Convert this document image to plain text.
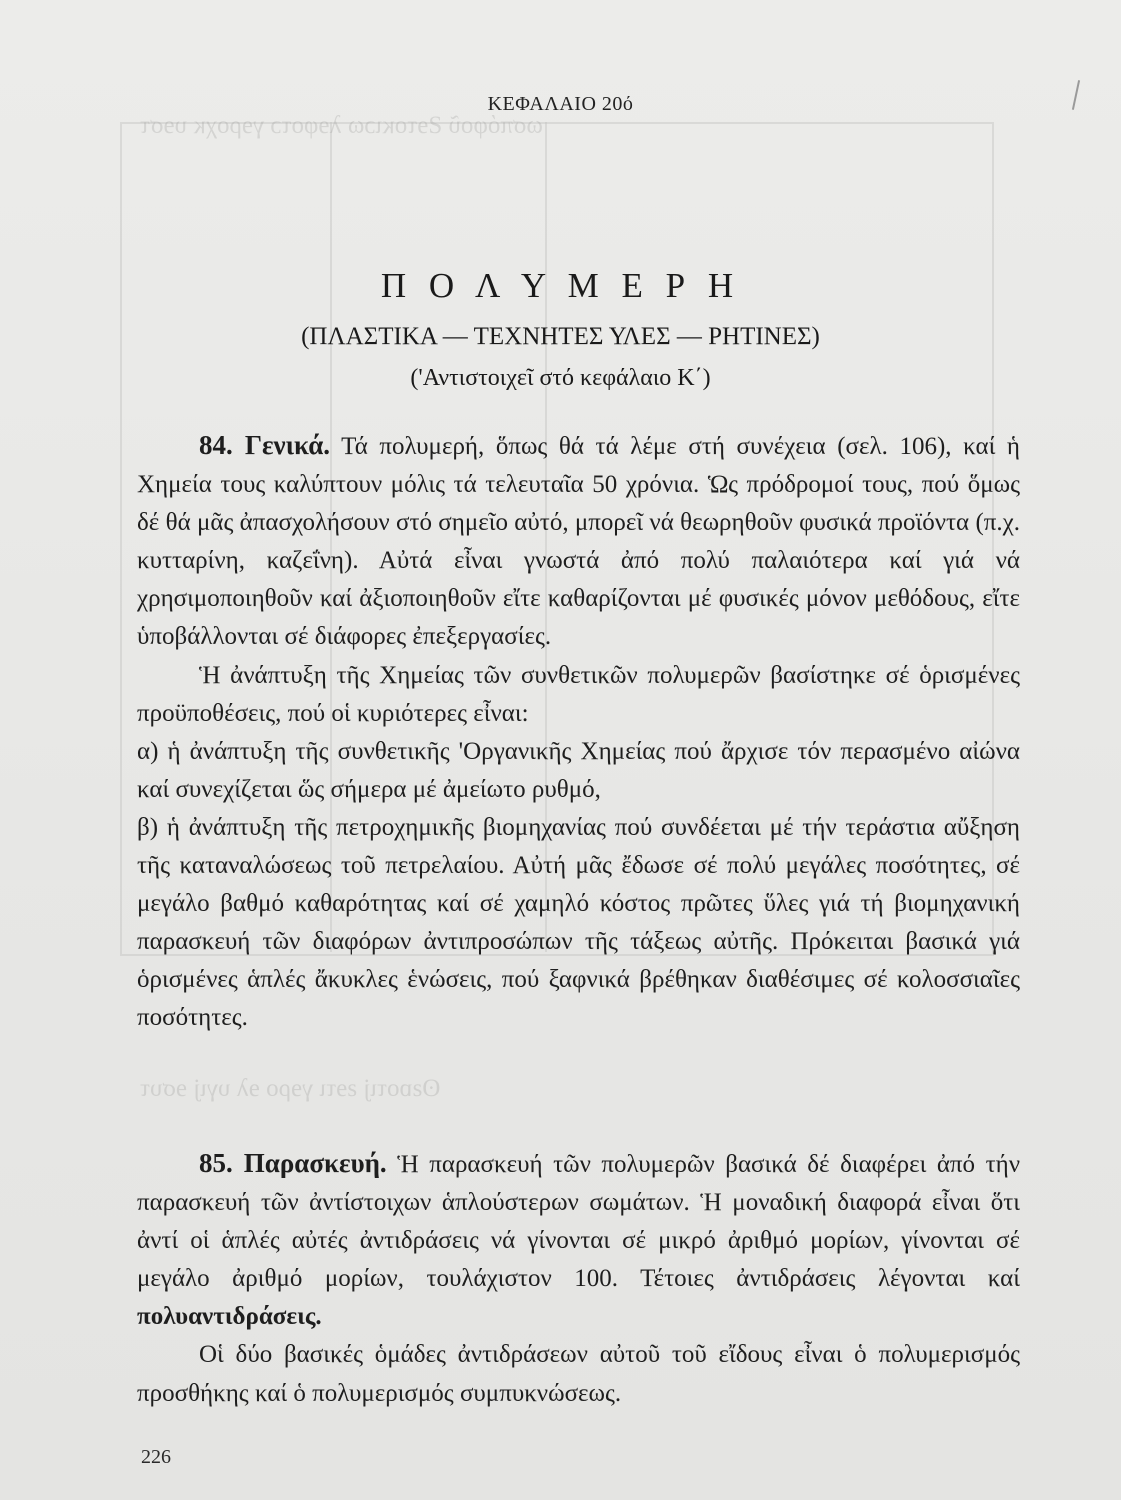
ωσπόφοῦ Ƨɘτοκιɔω λɘφοτɔ γɘροχκ υɘστ
ʘƨɒοτιϳ ƨɘτι γɘρο ɘλ υγιϳ ɘσυτ
ΚΕΦΑΛΑΙΟ 20ό
Π Ο Λ Υ Μ Ε Ρ Η
(ΠΛΑΣΤΙΚΑ — ΤΕΧΝΗΤΕΣ ΥΛΕΣ — ΡΗΤΙΝΕΣ)
('Αντιστοιχεῖ στό κεφάλαιο Κ΄)

84. Γενικά. Τά πολυμερή, ὅπως θά τά λέμε στή συνέχεια (σελ. 106), καί ἡ Χημεία τους καλύπτουν μόλις τά τελευταῖα 50 χρόνια. Ὡς πρόδρομοί τους, πού ὅμως δέ θά μᾶς ἀπασχολήσουν στό σημεῖο αὐτό, μπορεῖ νά θεωρηθοῦν φυσικά προϊόντα (π.χ. κυτταρίνη, καζεΐνη). Αὐτά εἶναι γνωστά ἀπό πολύ παλαιότερα καί γιά νά χρησιμοποιηθοῦν καί ἀξιοποιηθοῦν εἴτε καθαρίζονται μέ φυσικές μόνον μεθόδους, εἴτε ὑποβάλλονται σέ διάφορες ἐπεξεργασίες.

Ἡ ἀνάπτυξη τῆς Χημείας τῶν συνθετικῶν πολυμερῶν βασίστηκε σέ ὁρισμένες προϋποθέσεις, πού οἱ κυριότερες εἶναι:

α) ἡ ἀνάπτυξη τῆς συνθετικῆς 'Οργανικῆς Χημείας πού ἄρχισε τόν περασμένο αἰώνα καί συνεχίζεται ὥς σήμερα μέ ἀμείωτο ρυθμό,

β) ἡ ἀνάπτυξη τῆς πετροχημικῆς βιομηχανίας πού συνδέεται μέ τήν τεράστια αὔξηση τῆς καταναλώσεως τοῦ πετρελαίου. Αὐτή μᾶς ἔδωσε σέ πολύ μεγάλες ποσότητες, σέ μεγάλο βαθμό καθαρότητας καί σέ χαμηλό κόστος πρῶτες ὕλες γιά τή βιομηχανική παρασκευή τῶν διαφόρων ἀντιπροσώπων τῆς τάξεως αὐτῆς. Πρόκειται βασικά γιά ὁρισμένες ἁπλές ἄκυκλες ἑνώσεις, πού ξαφνικά βρέθηκαν διαθέσιμες σέ κολοσσιαῖες ποσότητες.

85. Παρασκευή. Ἡ παρασκευή τῶν πολυμερῶν βασικά δέ διαφέρει ἀπό τήν παρασκευή τῶν ἀντίστοιχων ἁπλούστερων σωμάτων. Ἡ μοναδική διαφορά εἶναι ὅτι ἀντί οἱ ἁπλές αὐτές ἀντιδράσεις νά γίνονται σέ μικρό ἀριθμό μορίων, γίνονται σέ μεγάλο ἀριθμό μορίων, τουλάχιστον 100. Τέτοιες ἀντιδράσεις λέγονται καί πολυαντιδράσεις.

Οἱ δύο βασικές ὁμάδες ἀντιδράσεων αὐτοῦ τοῦ εἴδους εἶναι ὁ πολυμερισμός προσθήκης καί ὁ πολυμερισμός συμπυκνώσεως.

226
